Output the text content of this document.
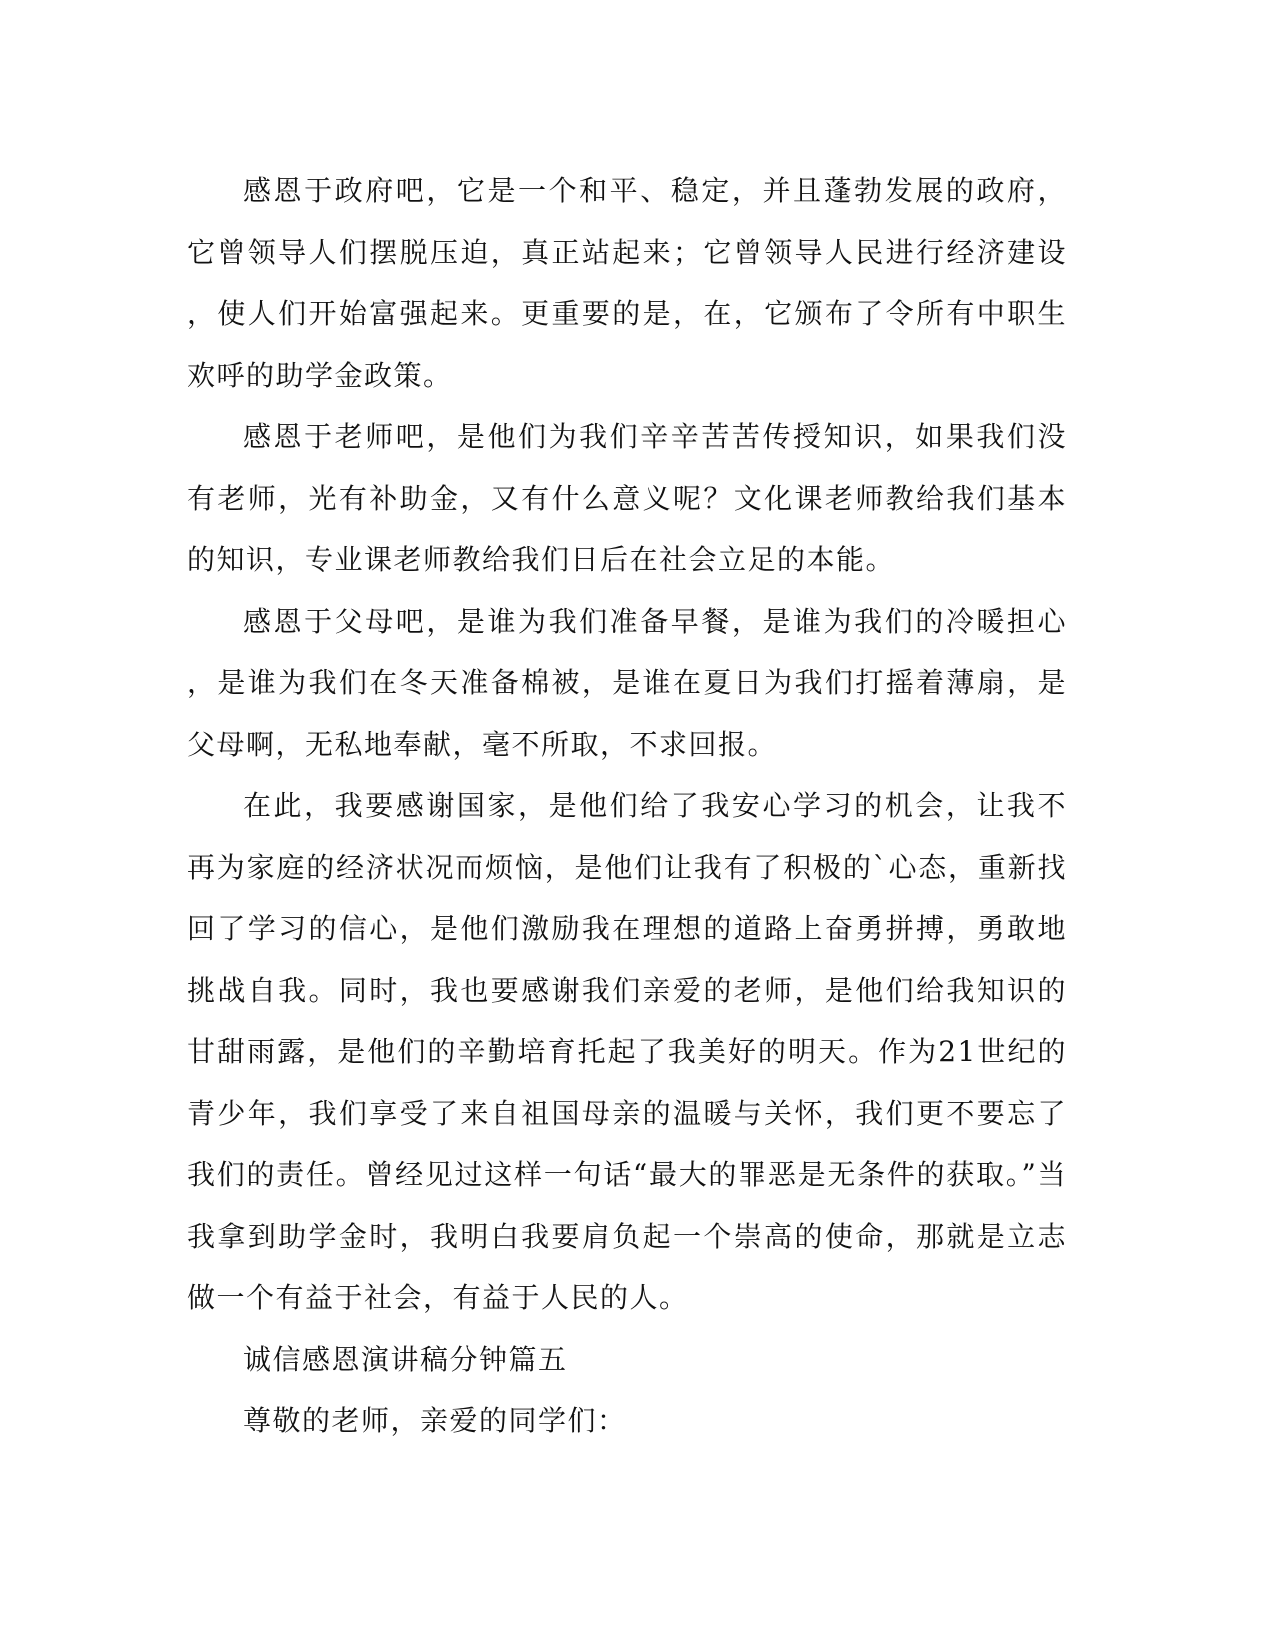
感恩于政府吧，它是一个和平、稳定，并且蓬勃发展的政府，它曾领导人们摆脱压迫，真正站起来；它曾领导人民进行经济建设，使人们开始富强起来。更重要的是，在，它颁布了令所有中职生欢呼的助学金政策。

感恩于老师吧，是他们为我们辛辛苦苦传授知识，如果我们没有老师，光有补助金，又有什么意义呢？文化课老师教给我们基本的知识，专业课老师教给我们日后在社会立足的本能。

感恩于父母吧，是谁为我们准备早餐，是谁为我们的冷暖担心，是谁为我们在冬天准备棉被，是谁在夏日为我们打摇着薄扇，是父母啊，无私地奉献，毫不所取，不求回报。

在此，我要感谢国家，是他们给了我安心学习的机会，让我不再为家庭的经济状况而烦恼，是他们让我有了积极的`心态，重新找回了学习的信心，是他们激励我在理想的道路上奋勇拼搏，勇敢地挑战自我。同时，我也要感谢我们亲爱的老师，是他们给我知识的甘甜雨露，是他们的辛勤培育托起了我美好的明天。作为21世纪的青少年，我们享受了来自祖国母亲的温暖与关怀，我们更不要忘了我们的责任。曾经见过这样一句话“最大的罪恶是无条件的获取。”当我拿到助学金时，我明白我要肩负起一个崇高的使命，那就是立志做一个有益于社会，有益于人民的人。

诚信感恩演讲稿分钟篇五

尊敬的老师，亲爱的同学们：
